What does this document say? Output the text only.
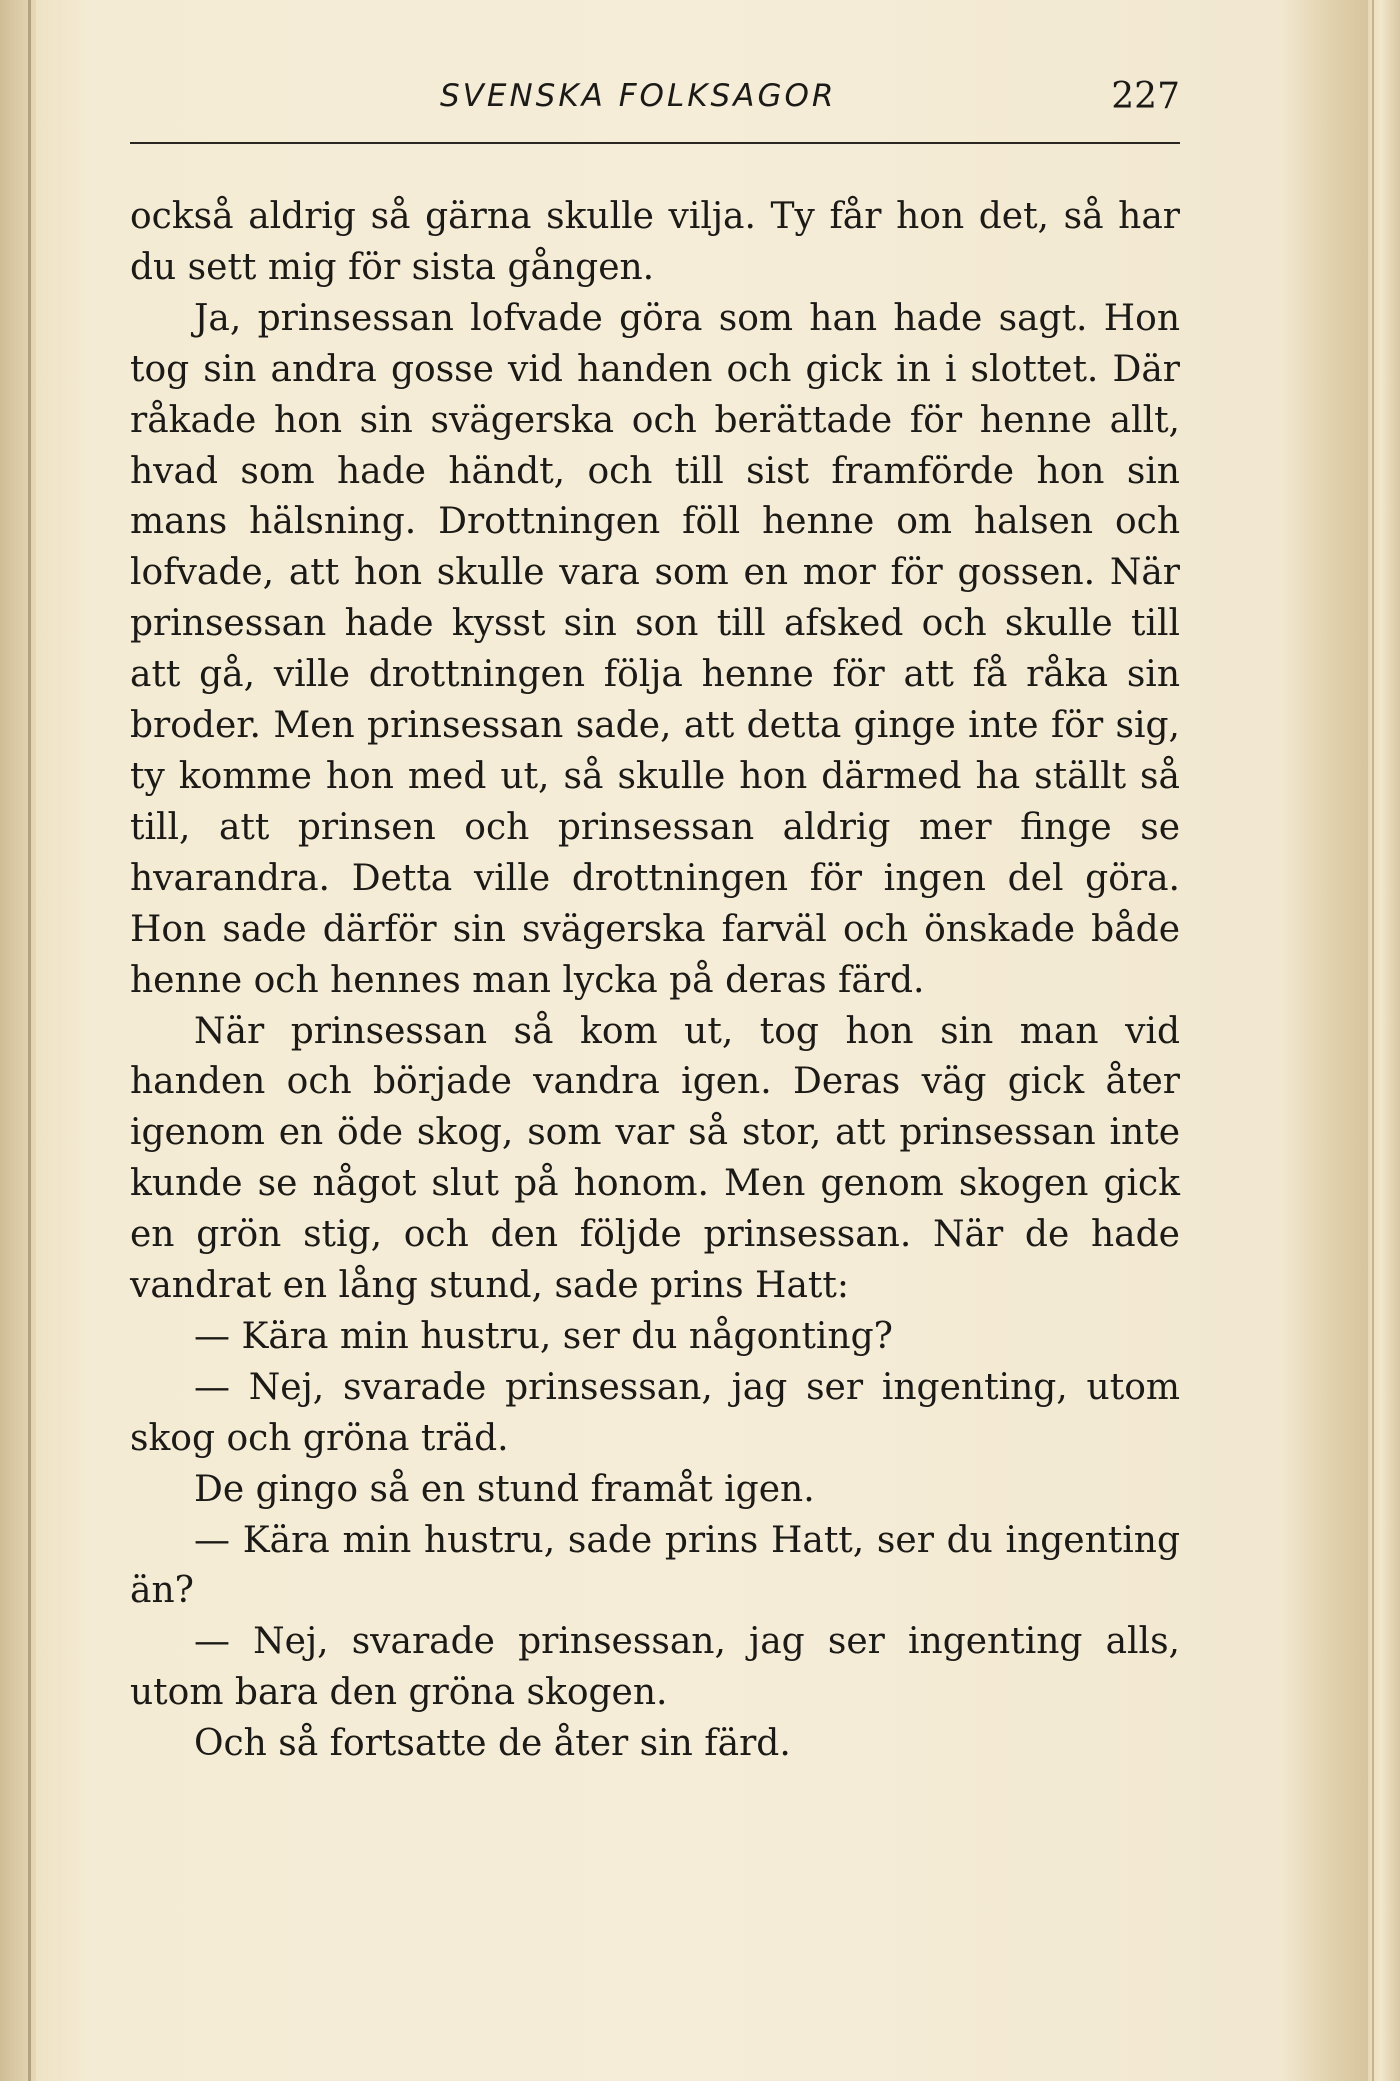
SVENSKA FOLKSAGOR	227

också aldrig så gärna skulle vilja. Ty får hon det, så har du sett mig för sista gången.

Ja, prinsessan lofvade göra som han hade sagt. Hon tog sin andra gosse vid handen och gick in i slottet. Där råkade hon sin svägerska och berättade för henne allt, hvad som hade händt, och till sist framförde hon sin mans hälsning. Drottningen föll henne om halsen och lofvade, att hon skulle vara som en mor för gossen. När prinsessan hade kysst sin son till afsked och skulle till att gå, ville drottningen följa henne för att få råka sin broder. Men prinsessan sade, att detta ginge inte för sig, ty komme hon med ut, så skulle hon därmed ha ställt så till, att prinsen och prinsessan aldrig mer finge se hvarandra. Detta ville drottningen för ingen del göra. Hon sade därför sin svägerska farväl och önskade både henne och hennes man lycka på deras färd.

När prinsessan så kom ut, tog hon sin man vid handen och började vandra igen. Deras väg gick åter igenom en öde skog, som var så stor, att prinsessan inte kunde se något slut på honom. Men genom skogen gick en grön stig, och den följde prinsessan. När de hade vandrat en lång stund, sade prins Hatt:

— Kära min hustru, ser du någonting?

— Nej, svarade prinsessan, jag ser ingenting, utom skog och gröna träd.

De gingo så en stund framåt igen.

— Kära min hustru, sade prins Hatt, ser du ingenting än?

— Nej, svarade prinsessan, jag ser ingenting alls, utom bara den gröna skogen.

Och så fortsatte de åter sin färd.
